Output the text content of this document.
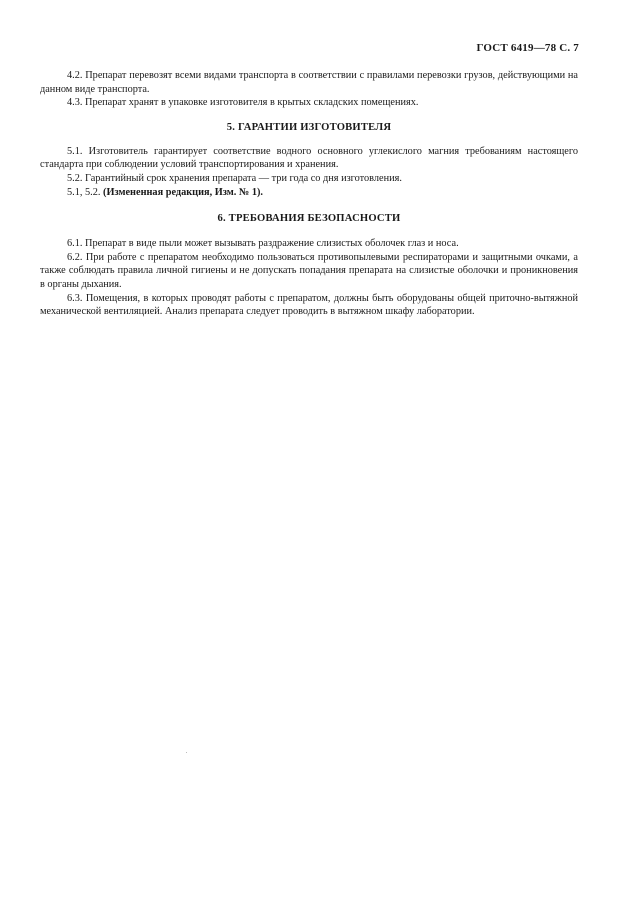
ГОСТ 6419—78 С. 7

4.2. Препарат перевозят всеми видами транспорта в соответствии с правилами перевозки грузов, действующими на данном виде транспорта.

4.3. Препарат хранят в упаковке изготовителя в крытых складских помещениях.

5. ГАРАНТИИ ИЗГОТОВИТЕЛЯ

5.1. Изготовитель гарантирует соответствие водного основного углекислого магния требованиям настоящего стандарта при соблюдении условий транспортирования и хранения.

5.2. Гарантийный срок хранения препарата — три года со дня изготовления.

5.1, 5.2. (Измененная редакция, Изм. № 1).

6. ТРЕБОВАНИЯ БЕЗОПАСНОСТИ

6.1. Препарат в виде пыли может вызывать раздражение слизистых оболочек глаз и носа.

6.2. При работе с препаратом необходимо пользоваться противопылевыми респираторами и защитными очками, а также соблюдать правила личной гигиены и не допускать попадания препарата на слизистые оболочки и проникновения в органы дыхания.

6.3. Помещения, в которых проводят работы с препаратом, должны быть оборудованы общей приточно-вытяжной механической вентиляцией. Анализ препарата следует проводить в вытяжном шкафу лаборатории.
